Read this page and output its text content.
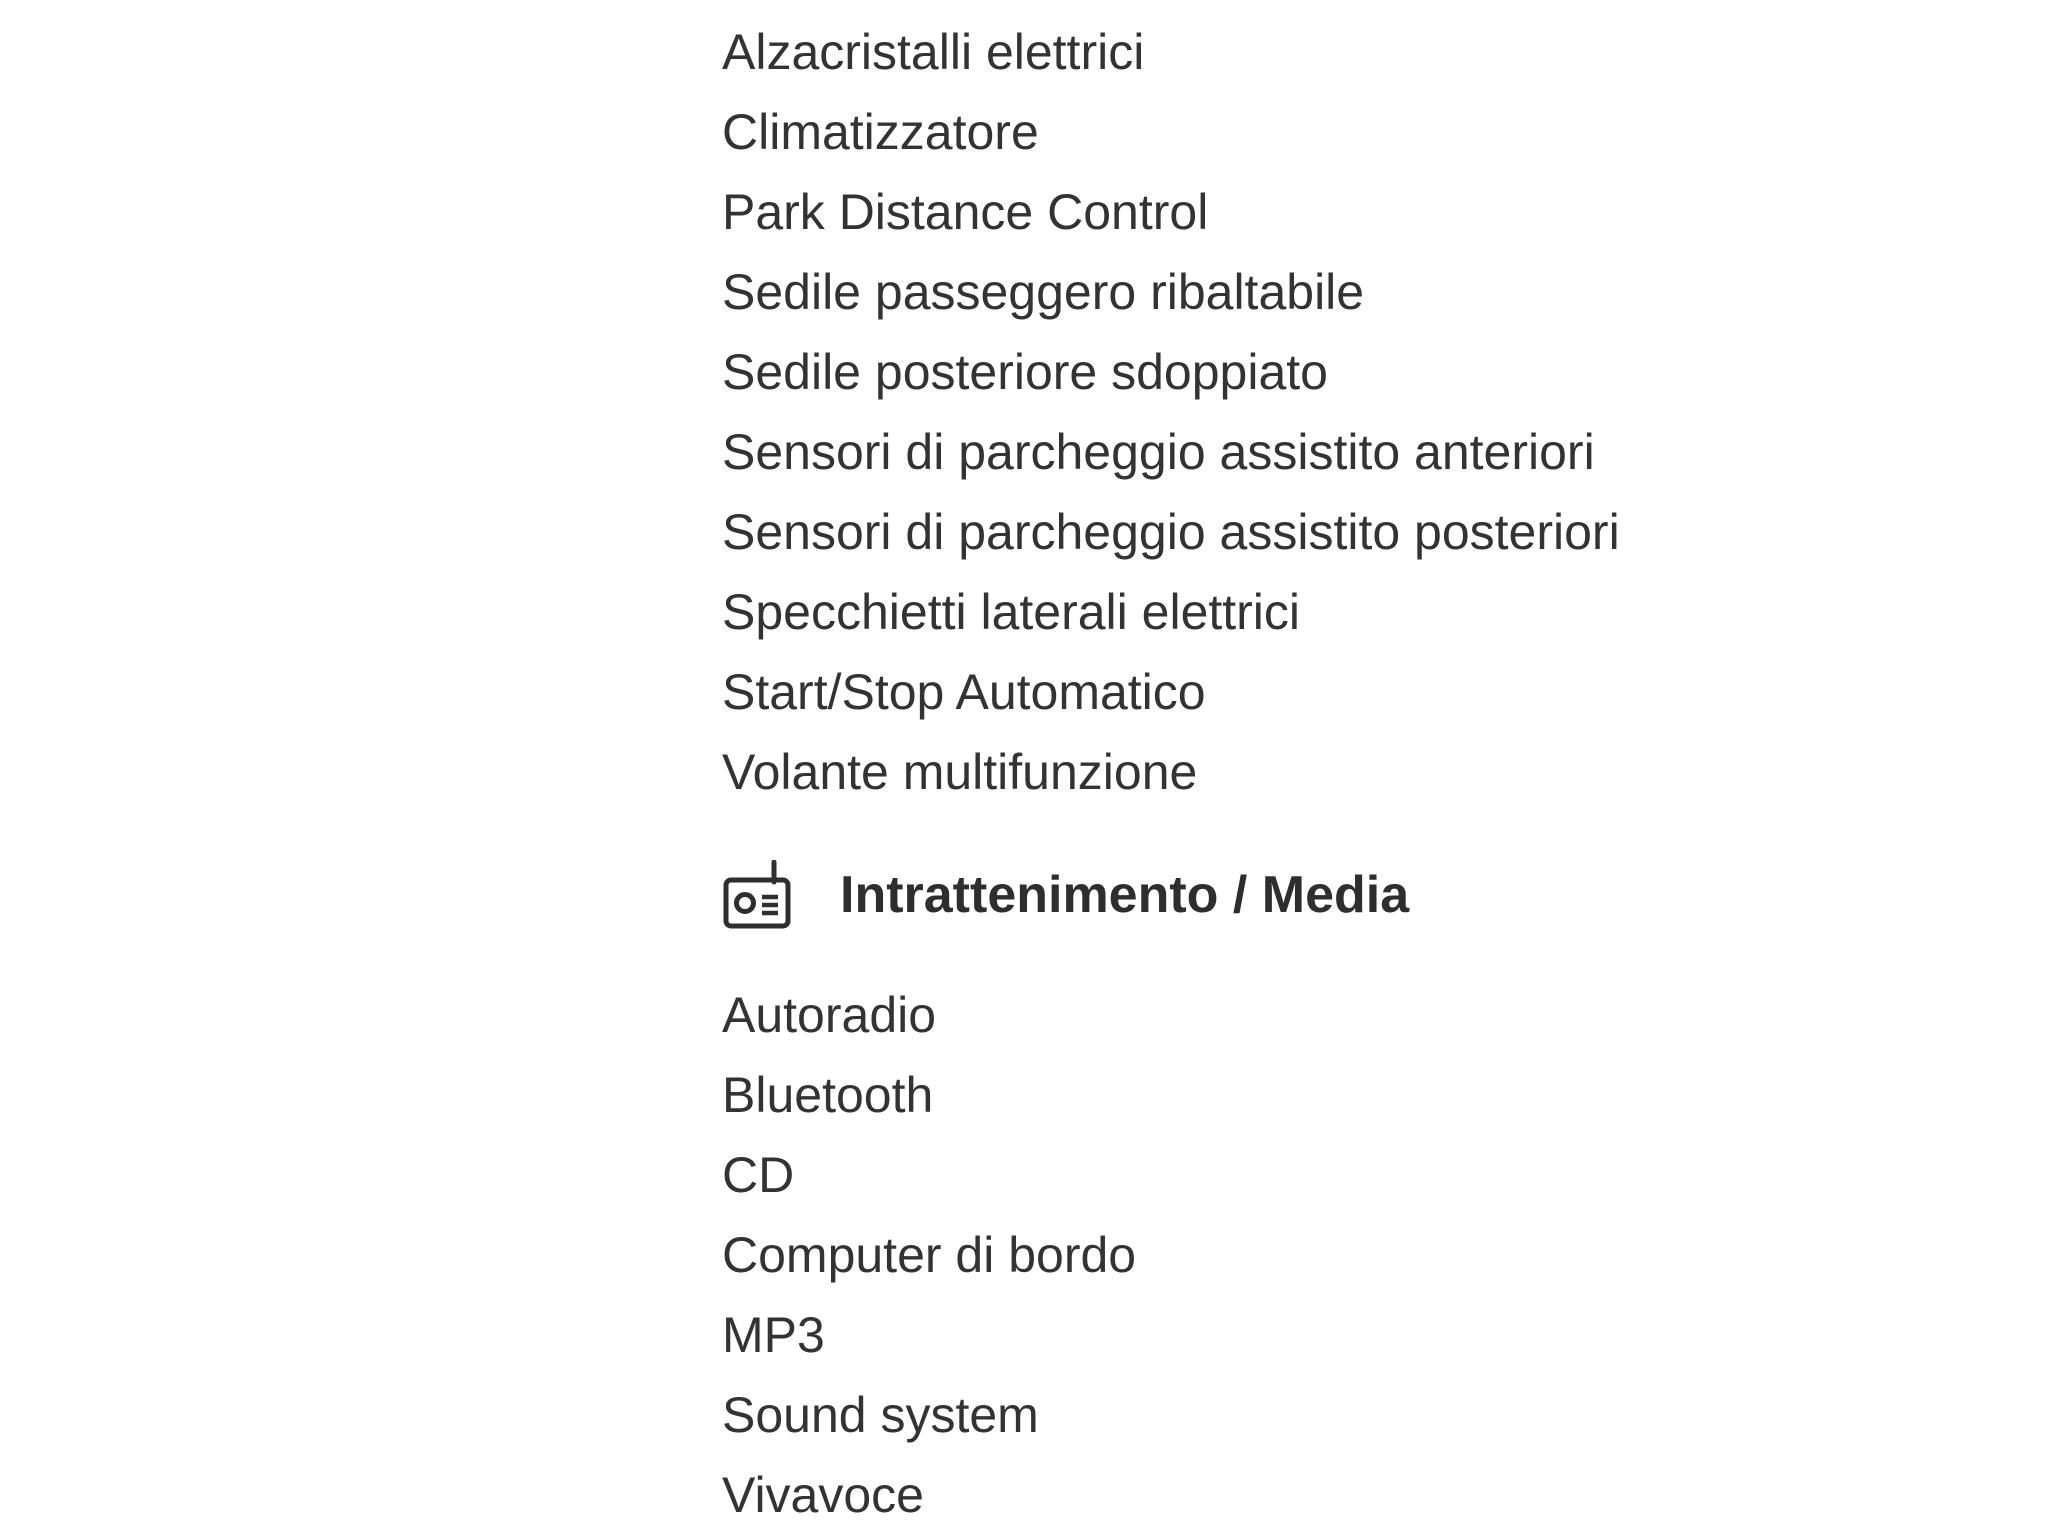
Alzacristalli elettrici
Climatizzatore
Park Distance Control
Sedile passeggero ribaltabile
Sedile posteriore sdoppiato
Sensori di parcheggio assistito anteriori
Sensori di parcheggio assistito posteriori
Specchietti laterali elettrici
Start/Stop Automatico
Volante multifunzione
Intrattenimento / Media
Autoradio
Bluetooth
CD
Computer di bordo
MP3
Sound system
Vivavoce
